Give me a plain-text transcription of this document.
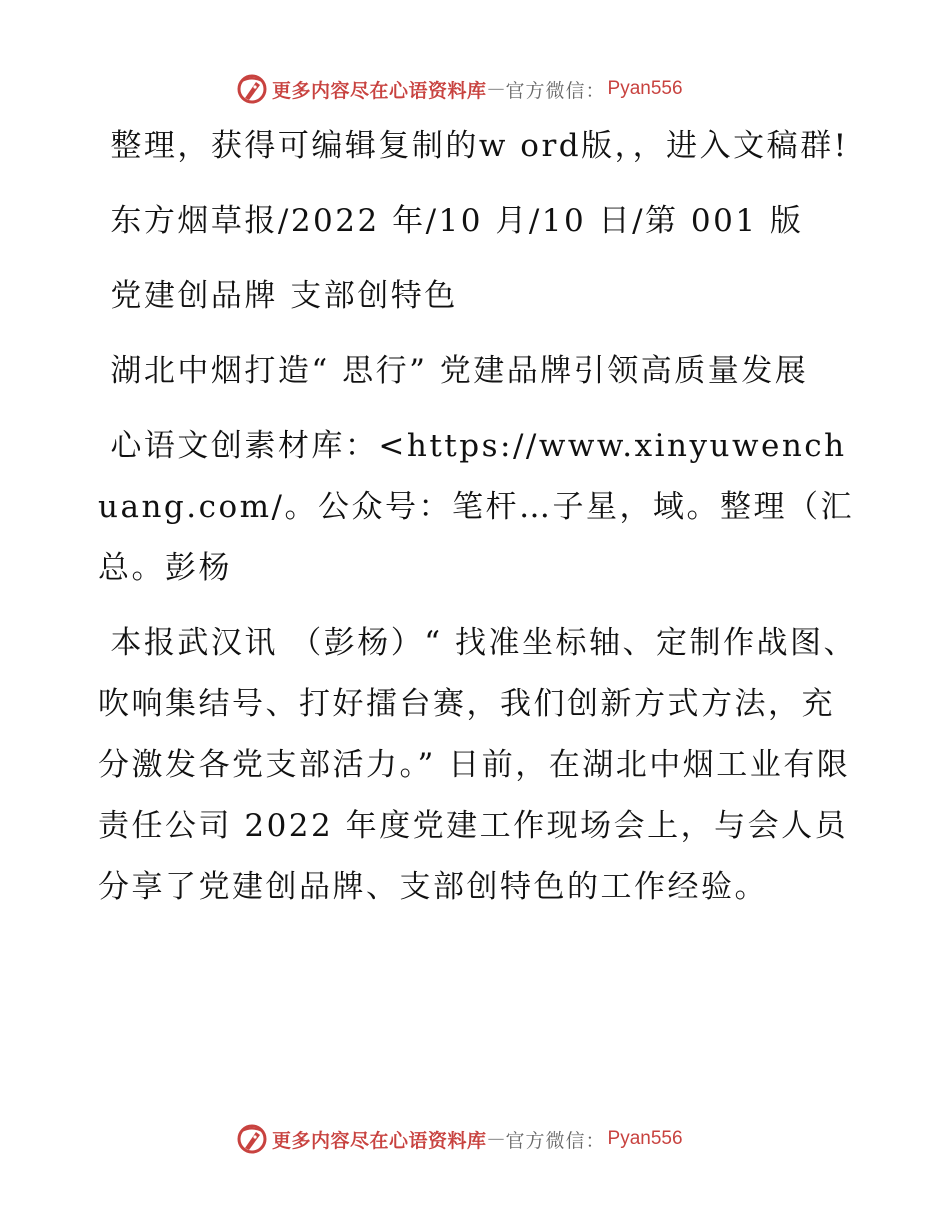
更多内容尽在心语资料库 — 官方微信： Pyan556

整理，获得可编辑复制的w ord版，，进入文稿群!

东方烟草报/2022 年/10 月/10 日/第 001 版

党建创品牌 支部创特色

湖北中烟打造“ 思行” 党建品牌引领高质量发展

心语文创素材库：<https://www.xinyuwenchuang.com/。公众号：笔杆…子星，域。整理（汇总。彭杨

本报武汉讯 （彭杨）“ 找准坐标轴、定制作战图、吹响集结号、打好擂台赛，我们创新方式方法，充分激发各党支部活力。” 日前，在湖北中烟工业有限责任公司 2022 年度党建工作现场会上，与会人员分享了党建创品牌、支部创特色的工作经验。

更多内容尽在心语资料库 — 官方微信： Pyan556
